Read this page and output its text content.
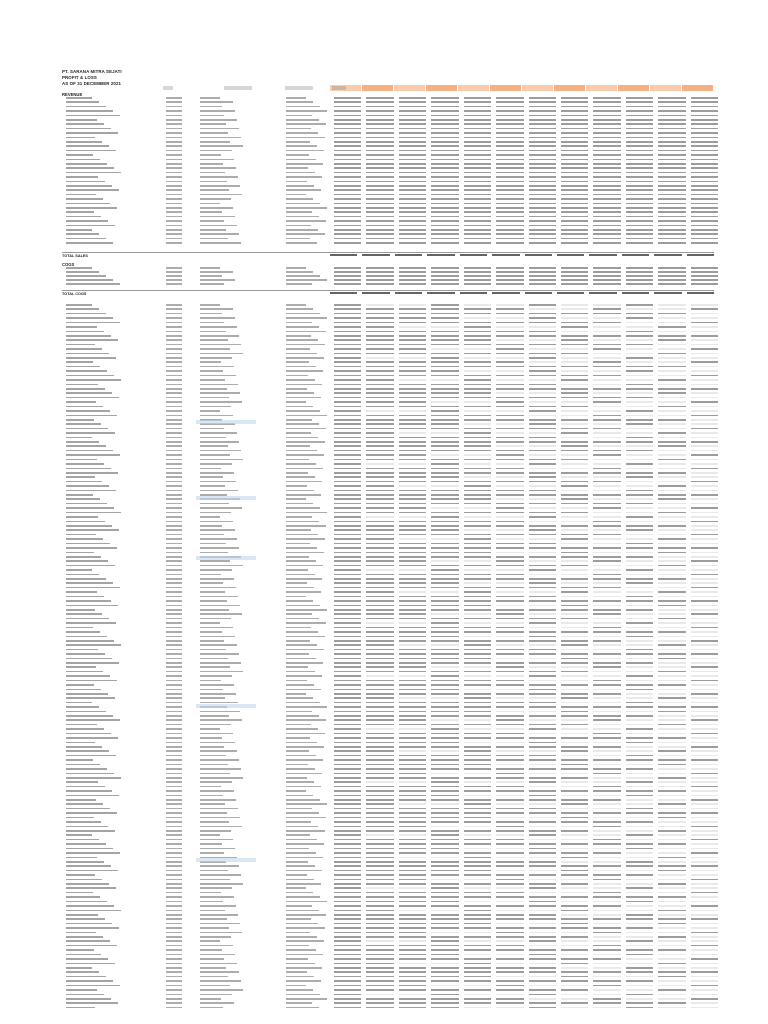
PT. SARANA MITRA SEJATI
PROFIT & LOSS
AS OF 31 DECEMBER 2021
REVENUE
TOTAL SALES
COGS
TOTAL COGS
